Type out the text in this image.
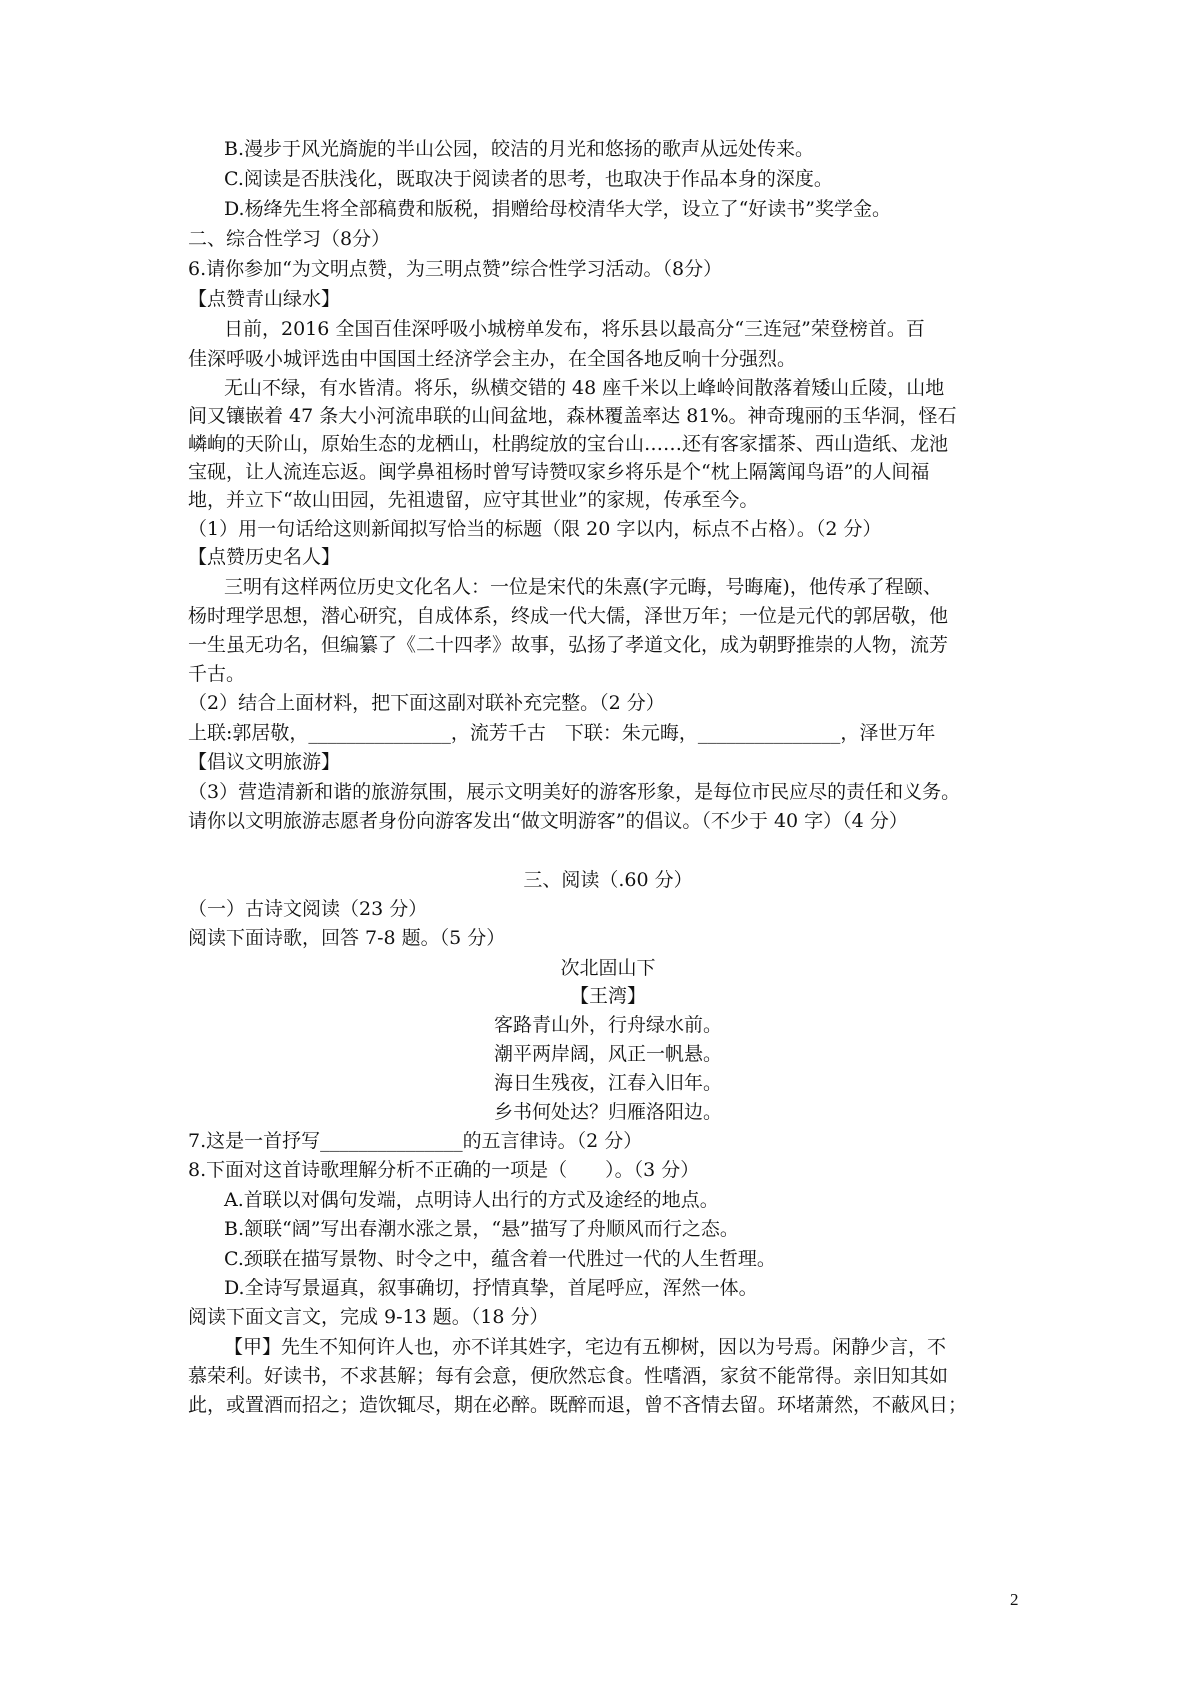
B.漫步于风光旖旎的半山公园，皎洁的月光和悠扬的歌声从远处传来。
C.阅读是否肤浅化，既取决于阅读者的思考，也取决于作品本身的深度。
D.杨绛先生将全部稿费和版税，捐赠给母校清华大学，设立了“好读书”奖学金。
二、综合性学习（8分）
6.请你参加“为文明点赞，为三明点赞”综合性学习活动。（8分）
【点赞青山绿水】
日前，2016 全国百佳深呼吸小城榜单发布，将乐县以最高分“三连冠”荣登榜首。百
佳深呼吸小城评选由中国国土经济学会主办，在全国各地反响十分强烈。
无山不绿，有水皆清。将乐，纵横交错的 48 座千米以上峰岭间散落着矮山丘陵，山地
间又镶嵌着 47 条大小河流串联的山间盆地，森林覆盖率达 81%。神奇瑰丽的玉华洞，怪石
嶙峋的天阶山，原始生态的龙栖山，杜鹃绽放的宝台山……还有客家擂茶、西山造纸、龙池
宝砚，让人流连忘返。闽学鼻祖杨时曾写诗赞叹家乡将乐是个“枕上隔篱闻鸟语”的人间福
地，并立下“故山田园，先祖遗留，应守其世业”的家规，传承至今。
（1）用一句话给这则新闻拟写恰当的标题（限 20 字以内，标点不占格）。（2 分）
【点赞历史名人】
三明有这样两位历史文化名人：一位是宋代的朱熹(字元晦，号晦庵)，他传承了程颐、
杨时理学思想，潜心研究，自成体系，终成一代大儒，泽世万年；一位是元代的郭居敬，他
一生虽无功名，但编纂了《二十四孝》故事，弘扬了孝道文化，成为朝野推崇的人物，流芳
千古。
（2）结合上面材料，把下面这副对联补充完整。（2 分）
上联:郭居敬，_______________，流芳千古　下联：朱元晦，_______________，泽世万年
【倡议文明旅游】
（3）营造清新和谐的旅游氛围，展示文明美好的游客形象，是每位市民应尽的责任和义务。
请你以文明旅游志愿者身份向游客发出“做文明游客”的倡议。（不少于 40 字）（4 分）
三、阅读（.60 分）
（一）古诗文阅读（23 分）
阅读下面诗歌，回答 7-8 题。（5 分）
次北固山下
【王湾】
客路青山外，行舟绿水前。
潮平两岸阔，风正一帆悬。
海日生残夜，江春入旧年。
乡书何处达？归雁洛阳边。
7.这是一首抒写_______________的五言律诗。（2 分）
8.下面对这首诗歌理解分析不正确的一项是（　　）。（3 分）
A.首联以对偶句发端，点明诗人出行的方式及途经的地点。
B.颔联“阔”写出春潮水涨之景，“悬”描写了舟顺风而行之态。
C.颈联在描写景物、时令之中，蕴含着一代胜过一代的人生哲理。
D.全诗写景逼真，叙事确切，抒情真挚，首尾呼应，浑然一体。
阅读下面文言文，完成 9-13 题。（18 分）
【甲】先生不知何许人也，亦不详其姓字，宅边有五柳树，因以为号焉。闲静少言，不
慕荣利。好读书，不求甚解；每有会意，便欣然忘食。性嗜酒，家贫不能常得。亲旧知其如
此，或置酒而招之；造饮辄尽，期在必醉。既醉而退，曾不吝情去留。环堵萧然，不蔽风日；
2
